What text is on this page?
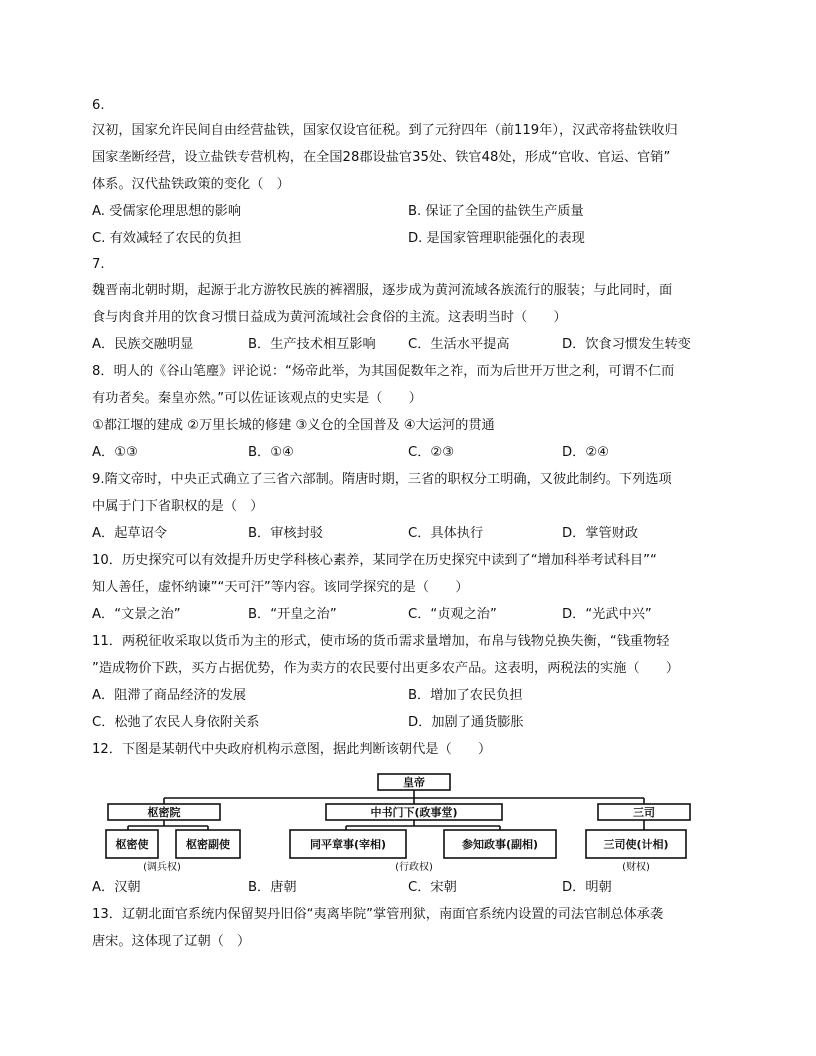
6.
汉初，国家允许民间自由经营盐铁，国家仅设官征税。到了元狩四年（前119年），汉武帝将盐铁收归
国家垄断经营，设立盐铁专营机构，在全国28郡设盐官35处、铁官48处，形成“官收、官运、官销”
体系。汉代盐铁政策的变化（　）
A. 受儒家伦理思想的影响	B. 保证了全国的盐铁生产质量
C. 有效减轻了农民的负担	D. 是国家管理职能强化的表现
7.
魏晋南北朝时期，起源于北方游牧民族的裤褶服，逐步成为黄河流域各族流行的服装；与此同时，面
食与肉食并用的饮食习惯日益成为黄河流域社会食俗的主流。这表明当时（　　）
A．民族交融明显	B．生产技术相互影响 C．生活水平提高	D．饮食习惯发生转变
8．明人的《谷山笔麈》评论说：“炀帝此举，为其国促数年之祚，而为后世开万世之利，可谓不仁而
有功者矣。秦皇亦然。”可以佐证该观点的史实是（　　）
①都江堰的建成 ②万里长城的修建 ③义仓的全国普及 ④大运河的贯通
A．①③	B．①④	C．②③	D．②④
9.隋文帝时，中央正式确立了三省六部制。隋唐时期，三省的职权分工明确，又彼此制约。下列选项
中属于门下省职权的是（　）
A．起草诏令	B．审核封驳	C．具体执行	D．掌管财政
10．历史探究可以有效提升历史学科核心素养，某同学在历史探究中读到了“增加科举考试科目”“
知人善任，虚怀纳谏”“天可汗”等内容。该同学探究的是（　　）
A．“文景之治”	B．“开皇之治”	C．“贞观之治”	D．“光武中兴”
11．两税征收采取以货币为主的形式，使市场的货币需求量增加，布帛与钱物兑换失衡，“钱重物轻
”造成物价下跌，买方占据优势，作为卖方的农民要付出更多农产品。这表明，两税法的实施（　　）
A．阻滞了商品经济的发展	B．增加了农民负担
C．松弛了农民人身依附关系	D．加剧了通货膨胀
12．下图是某朝代中央政府机构示意图，据此判断该朝代是（　　）
皇帝
枢密院	中书门下(政事堂)	三司
枢密使	枢密副使	同平章事(宰相)	参知政事(副相)	三司使(计相)
(调兵权)	(行政权)	(财权)
A．汉朝	B．唐朝	C．宋朝	D．明朝
13．辽朝北面官系统内保留契丹旧俗“夷离毕院”掌管刑狱，南面官系统内设置的司法官制总体承袭
唐宋。这体现了辽朝（　）
